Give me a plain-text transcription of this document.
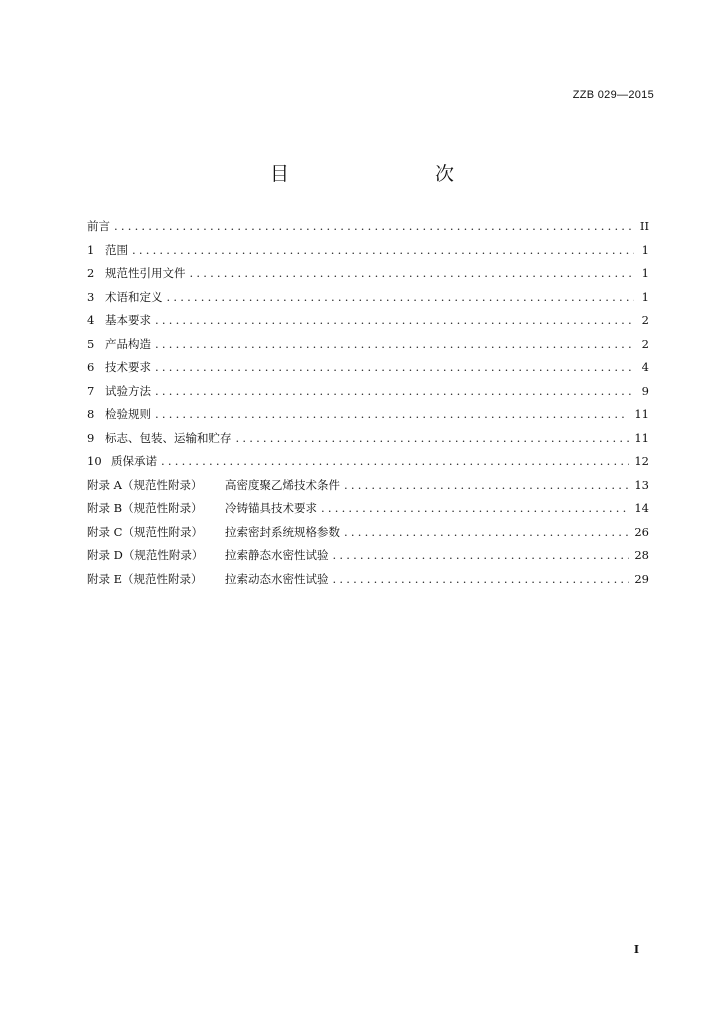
ZZB 029—2015
目　　次
前言 .....	II
1 范围 .....	1
2 规范性引用文件 .....	1
3 术语和定义 .....	1
4 基本要求 .....	2
5 产品构造 .....	2
6 技术要求 .....	4
7 试验方法 .....	9
8 检验规则 .....	11
9 标志、包装、运输和贮存 .....	11
10 质保承诺 .....	12
附录 A（规范性附录）	高密度聚乙烯技术条件 .....	13
附录 B（规范性附录）	冷铸锚具技术要求 .....	14
附录 C（规范性附录）	拉索密封系统规格参数 .....	26
附录 D（规范性附录）	拉索静态水密性试验 .....	28
附录 E（规范性附录）	拉索动态水密性试验 .....	29
I
